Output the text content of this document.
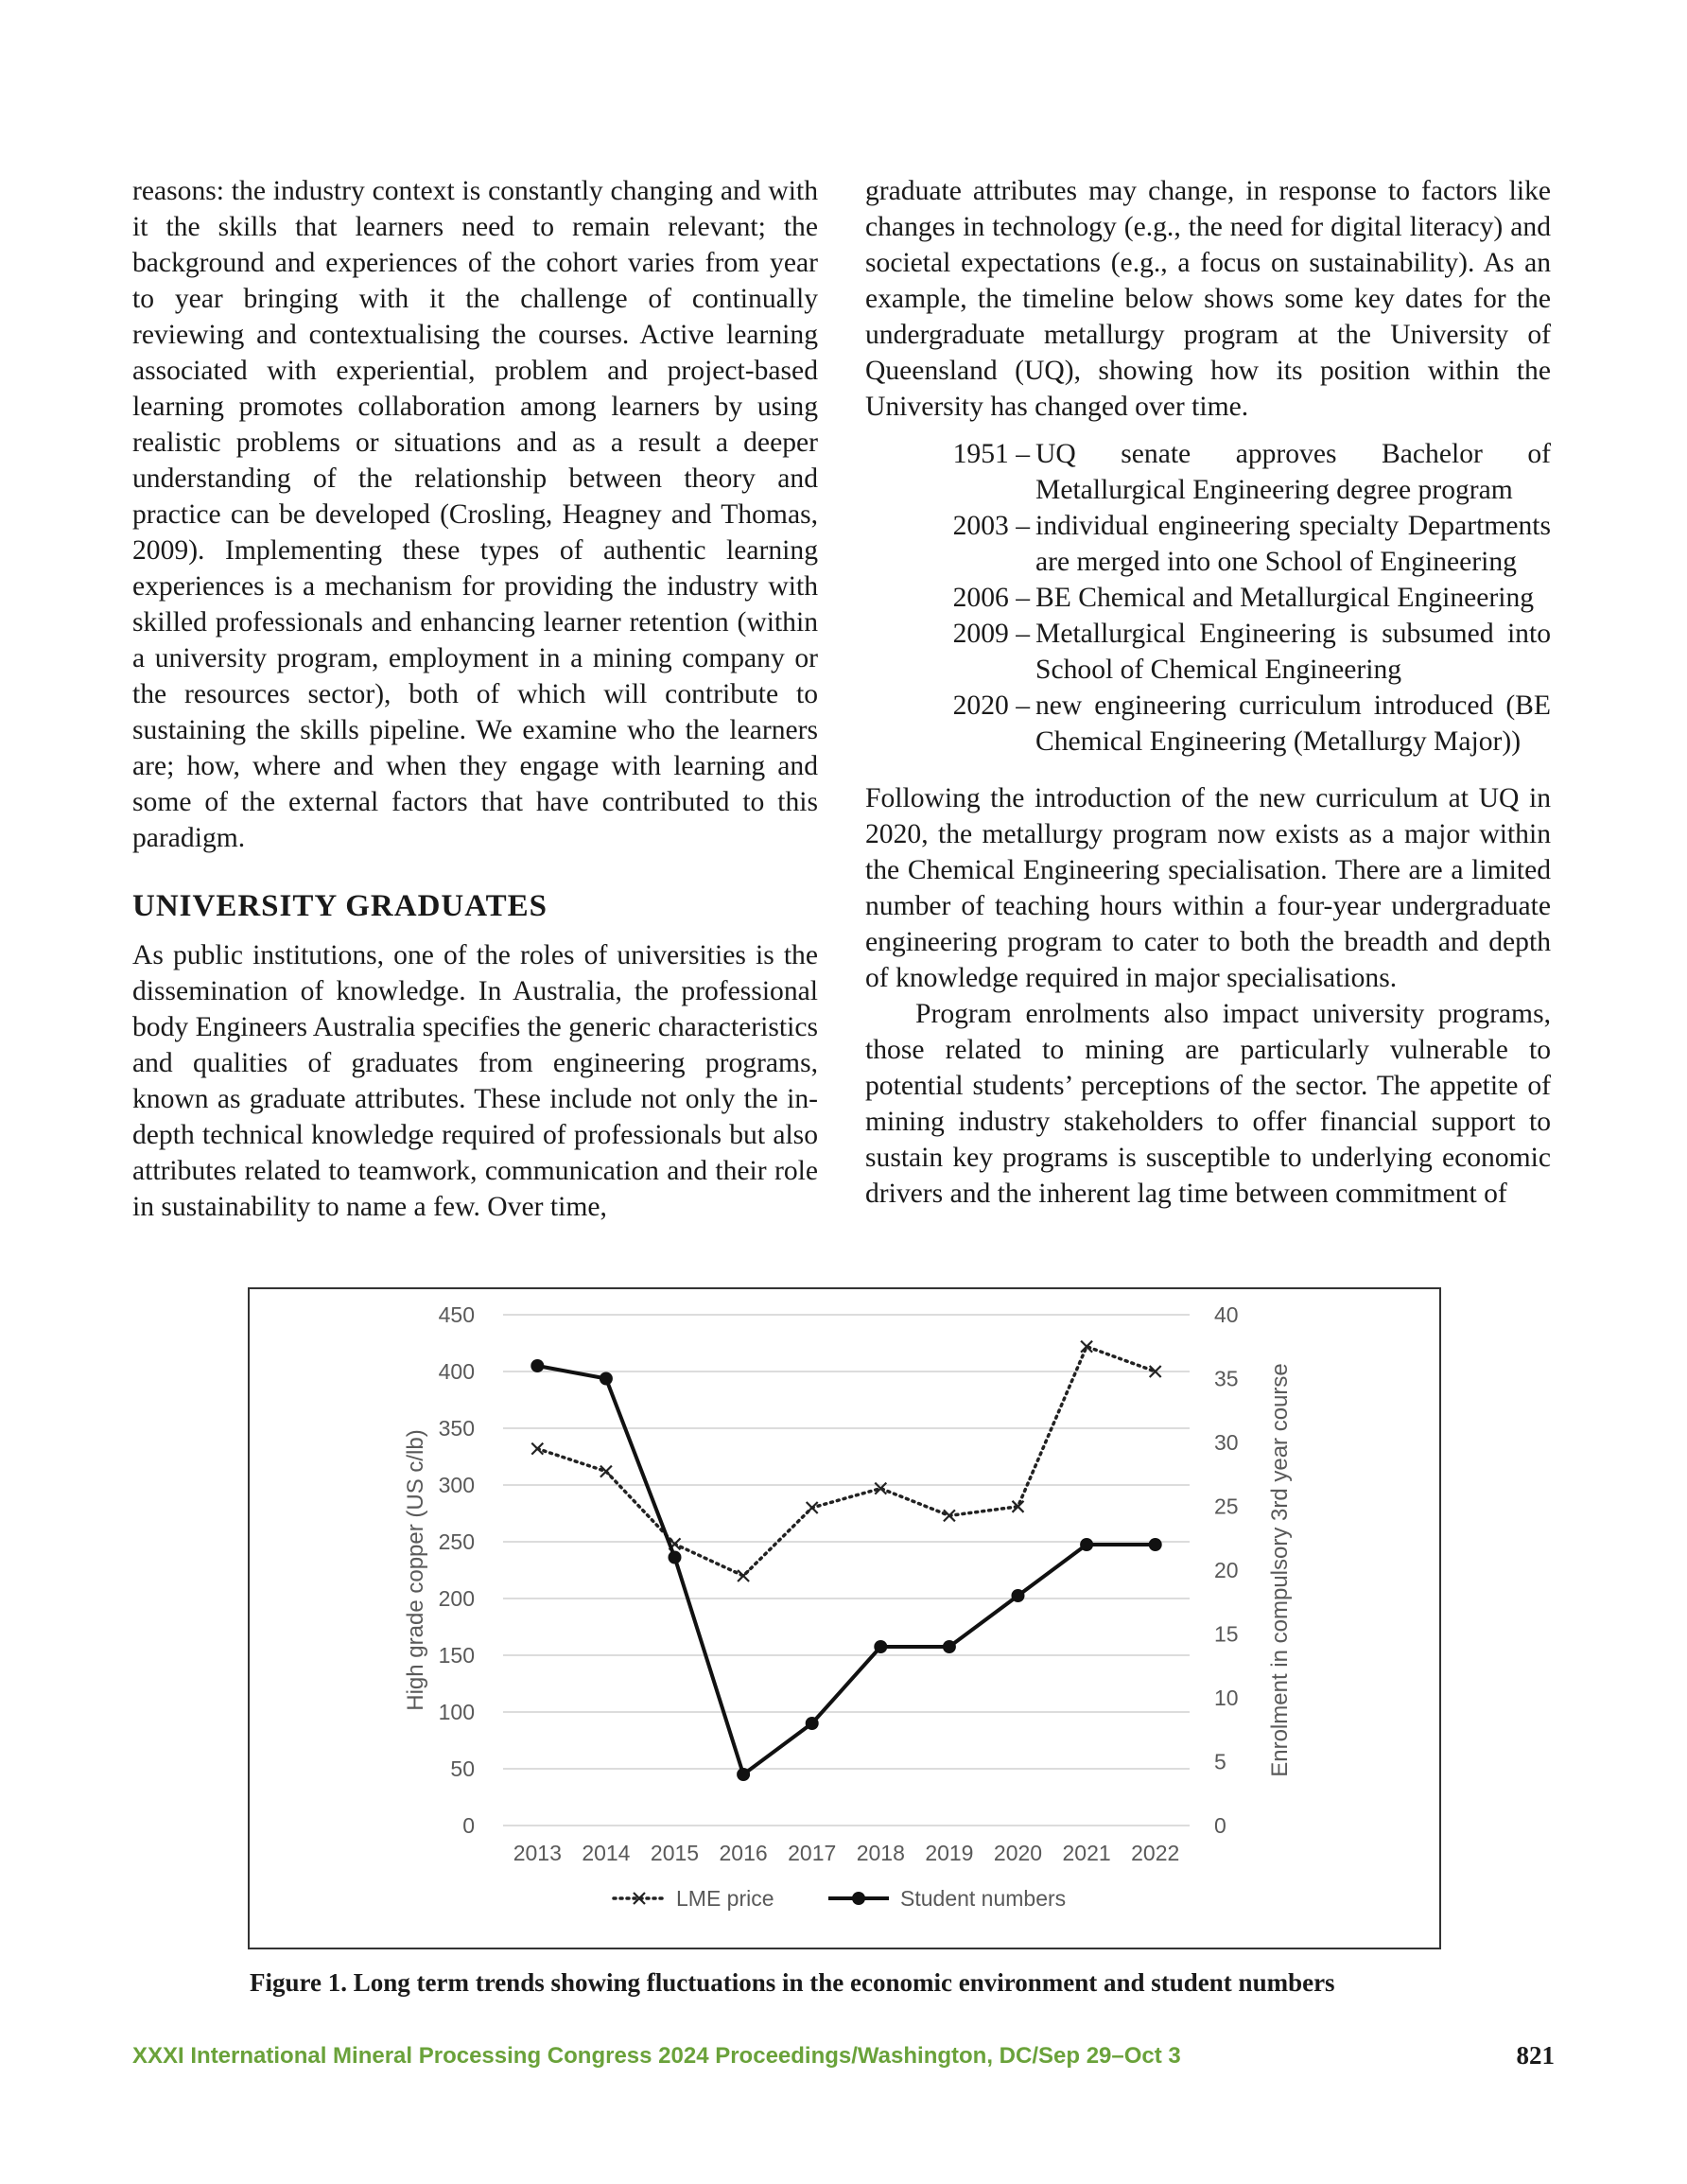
reasons: the industry context is constantly changing and with it the skills that learners need to remain relevant; the background and experiences of the cohort varies from year to year bringing with it the challenge of continually reviewing and contextualising the courses. Active learning associated with experiential, problem and project-based learning promotes collaboration among learners by using realistic problems or situations and as a result a deeper understanding of the relationship between theory and practice can be developed (Crosling, Heagney and Thomas, 2009). Implementing these types of authentic learning experiences is a mechanism for providing the industry with skilled professionals and enhancing learner retention (within a university program, employment in a mining company or the resources sector), both of which will contribute to sustaining the skills pipeline. We examine who the learners are; how, where and when they engage with learning and some of the external factors that have contributed to this paradigm.

UNIVERSITY GRADUATES

As public institutions, one of the roles of universities is the dissemination of knowledge. In Australia, the professional body Engineers Australia specifies the generic characteristics and qualities of graduates from engineering programs, known as graduate attributes. These include not only the in-depth technical knowledge required of professionals but also attributes related to teamwork, communication and their role in sustainability to name a few. Over time,

graduate attributes may change, in response to factors like changes in technology (e.g., the need for digital literacy) and societal expectations (e.g., a focus on sustainability). As an example, the timeline below shows some key dates for the undergraduate metallurgy program at the University of Queensland (UQ), showing how its position within the University has changed over time.

1951 – UQ senate approves Bachelor of Metallurgical Engineering degree program
2003 – individual engineering specialty Departments are merged into one School of Engineering
2006 – BE Chemical and Metallurgical Engineering
2009 – Metallurgical Engineering is subsumed into School of Chemical Engineering
2020 – new engineering curriculum introduced (BE Chemical Engineering (Metallurgy Major))

Following the introduction of the new curriculum at UQ in 2020, the metallurgy program now exists as a major within the Chemical Engineering specialisation. There are a limited number of teaching hours within a four-year undergraduate engineering program to cater to both the breadth and depth of knowledge required in major specialisations.

Program enrolments also impact university programs, those related to mining are particularly vulnerable to potential students’ perceptions of the sector. The appetite of mining industry stakeholders to offer financial support to sustain key programs is susceptible to underlying economic drivers and the inherent lag time between commitment of

0
50
100
150
200
250
300
350
400
450
0
5
10
15
20
25
30
35
40
2013 2014 2015 2016 2017 2018 2019 2020 2021 2022
High grade copper (US c/lb)	Enrolment in compulsory 3rd year course
LME price	Student numbers
Figure 1. Long term trends showing fluctuations in the economic environment and student numbers
XXXI International Mineral Processing Congress 2024 Proceedings/Washington, DC/Sep 29–Oct 3	821
